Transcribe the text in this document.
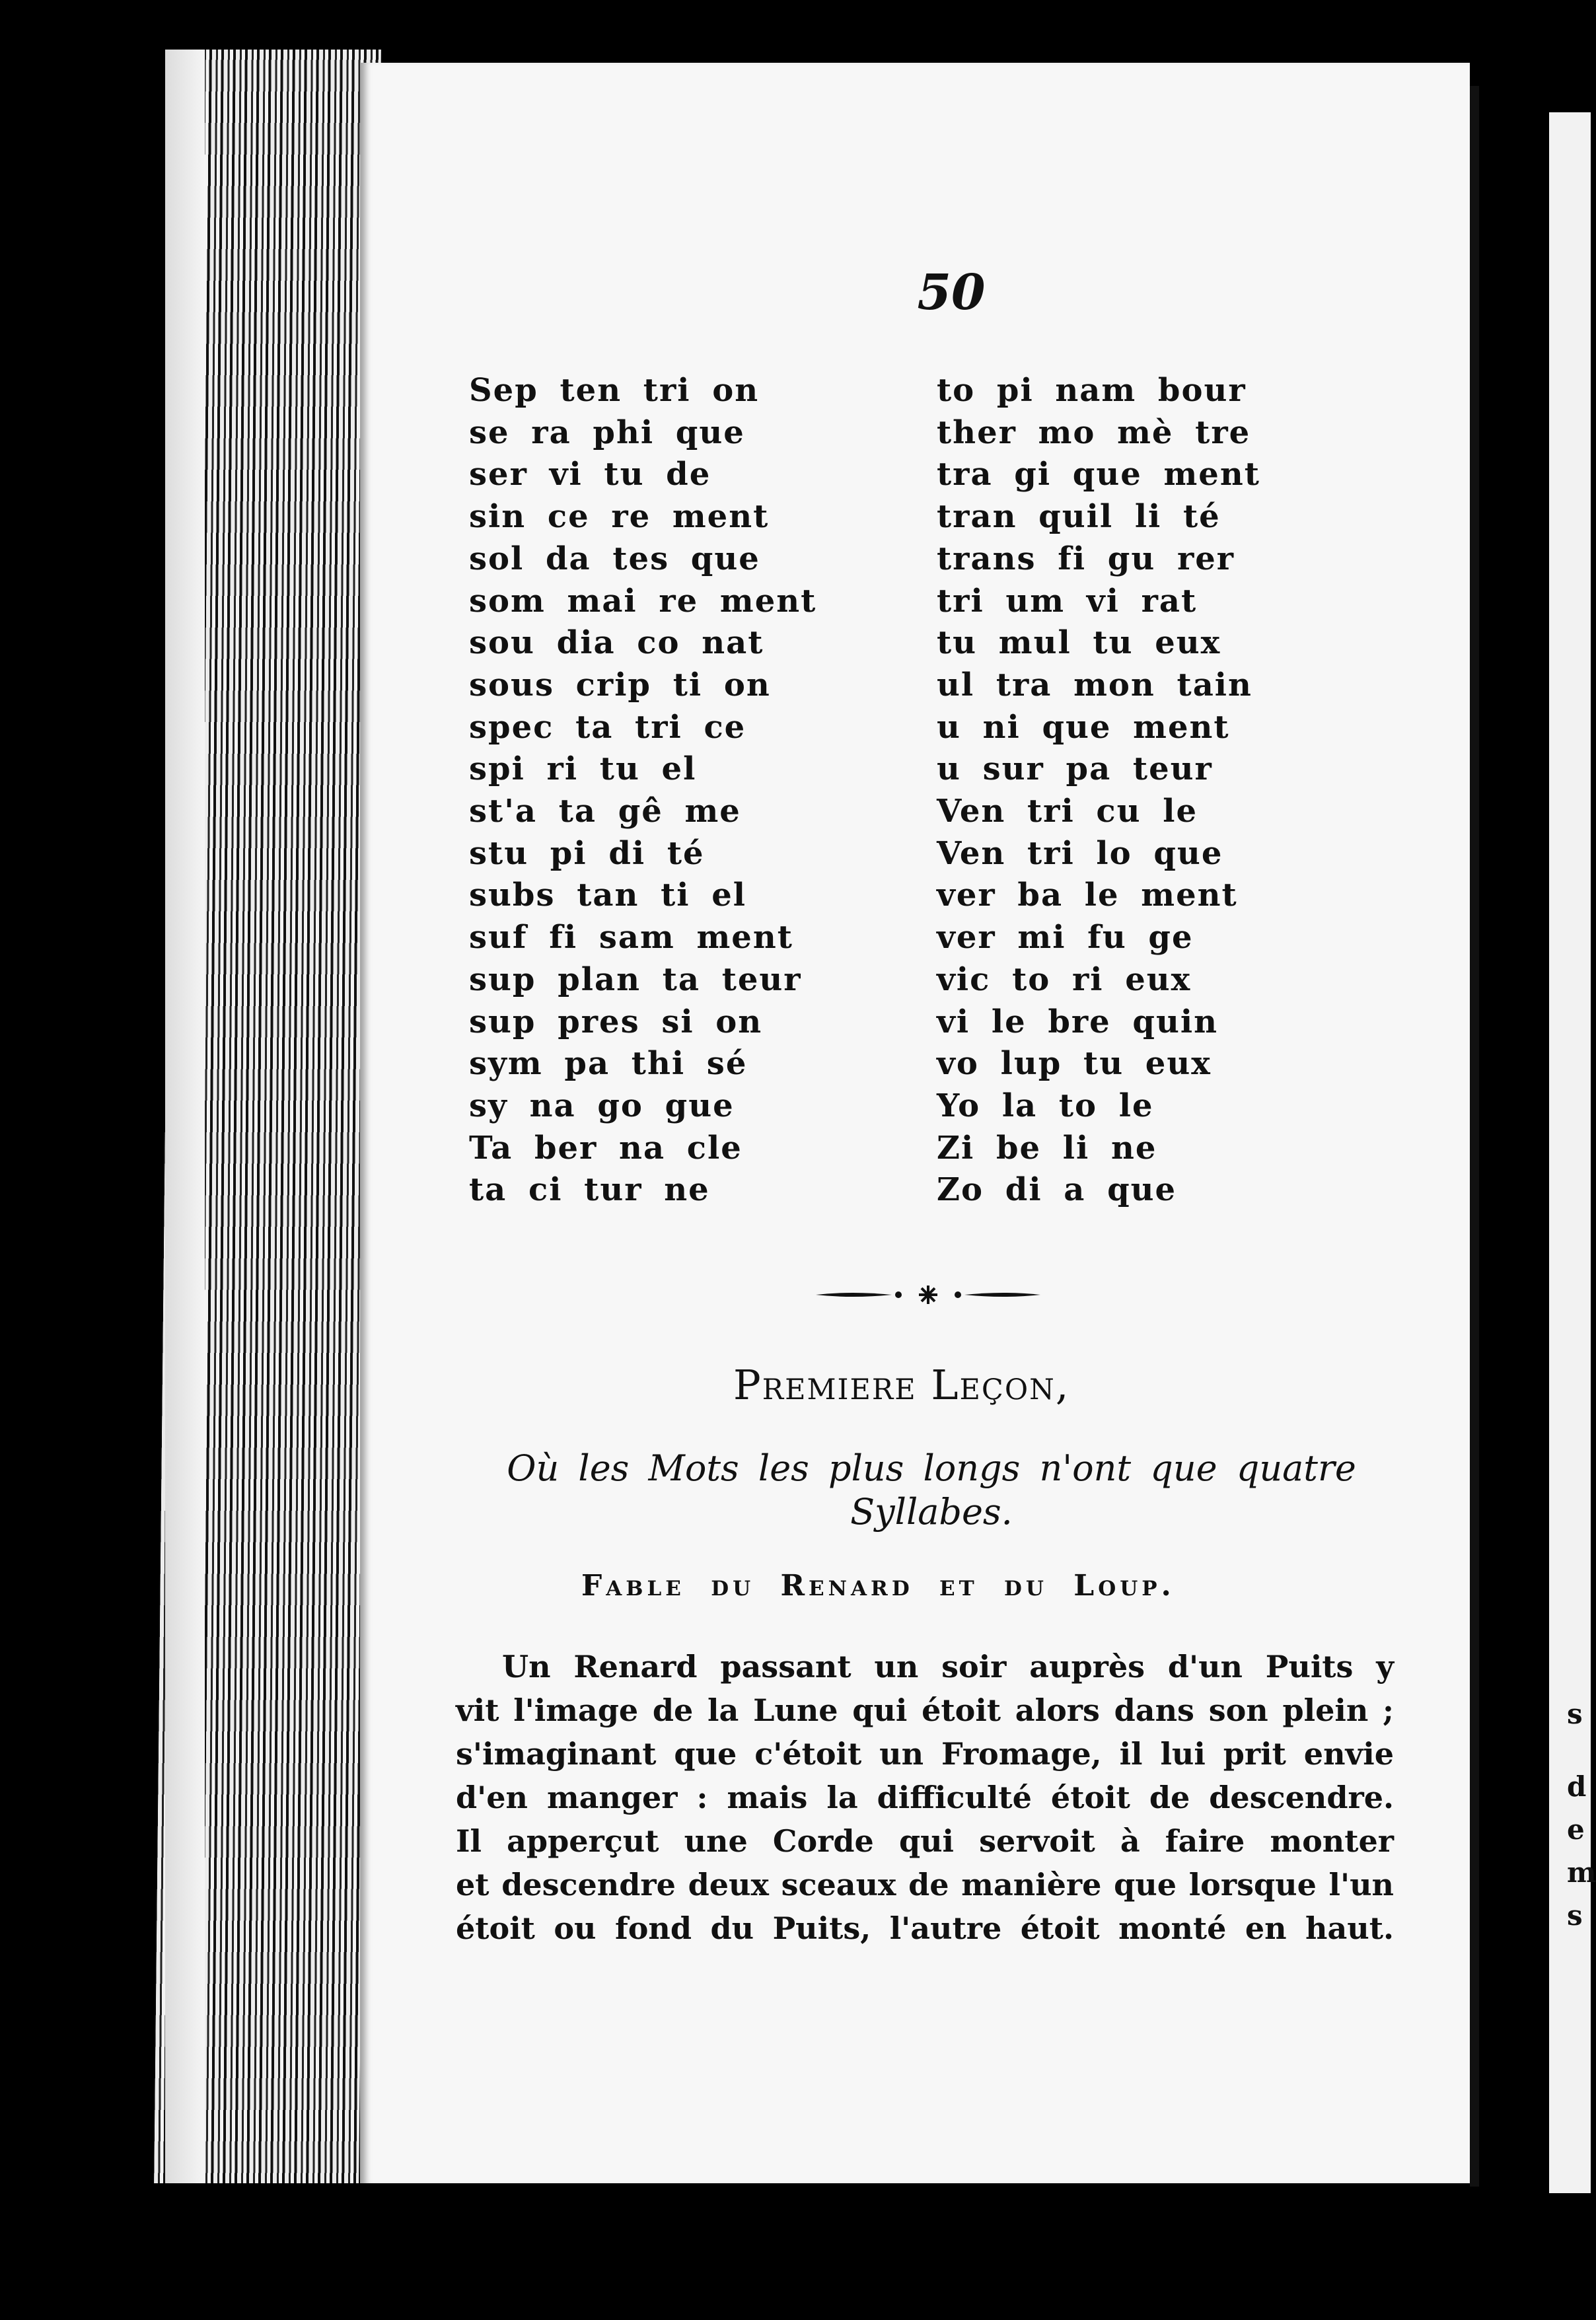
s
d
e
m
s
50
Sep ten tri on
se ra phi que
ser vi tu de
sin ce re ment
sol da tes que
som mai re ment
sou dia co nat
sous crip ti on
spec ta tri ce
spi ri tu el
st'a ta gê me
stu pi di té
subs tan ti el
suf fi sam ment
sup plan ta teur
sup pres si on
sym pa thi sé
sy na go gue
Ta ber na cle
ta ci tur ne
to pi nam bour
ther mo mè tre
tra gi que ment
tran quil li té
trans fi gu rer
tri um vi rat
tu mul tu eux
ul tra mon tain
u ni que ment
u sur pa teur
Ven tri cu le
Ven tri lo que
ver ba le ment
ver mi fu ge
vic to ri eux
vi le bre quin
vo lup tu eux
Yo la to le
Zi be li ne
Zo di a que
Premiere Leçon,
Où les Mots les plus longs n'ont que quatre
Syllabes.
Fable du Renard et du Loup.
Un Renard passant un soir auprès d'un Puits y
vit l'image de la Lune qui étoit alors dans son plein ;
s'imaginant que c'étoit un Fromage, il lui prit envie
d'en manger : mais la difficulté étoit de descendre.
Il apperçut une Corde qui servoit à faire monter
et descendre deux sceaux de manière que lorsque l'un
étoit ou fond du Puits, l'autre étoit monté en haut.
